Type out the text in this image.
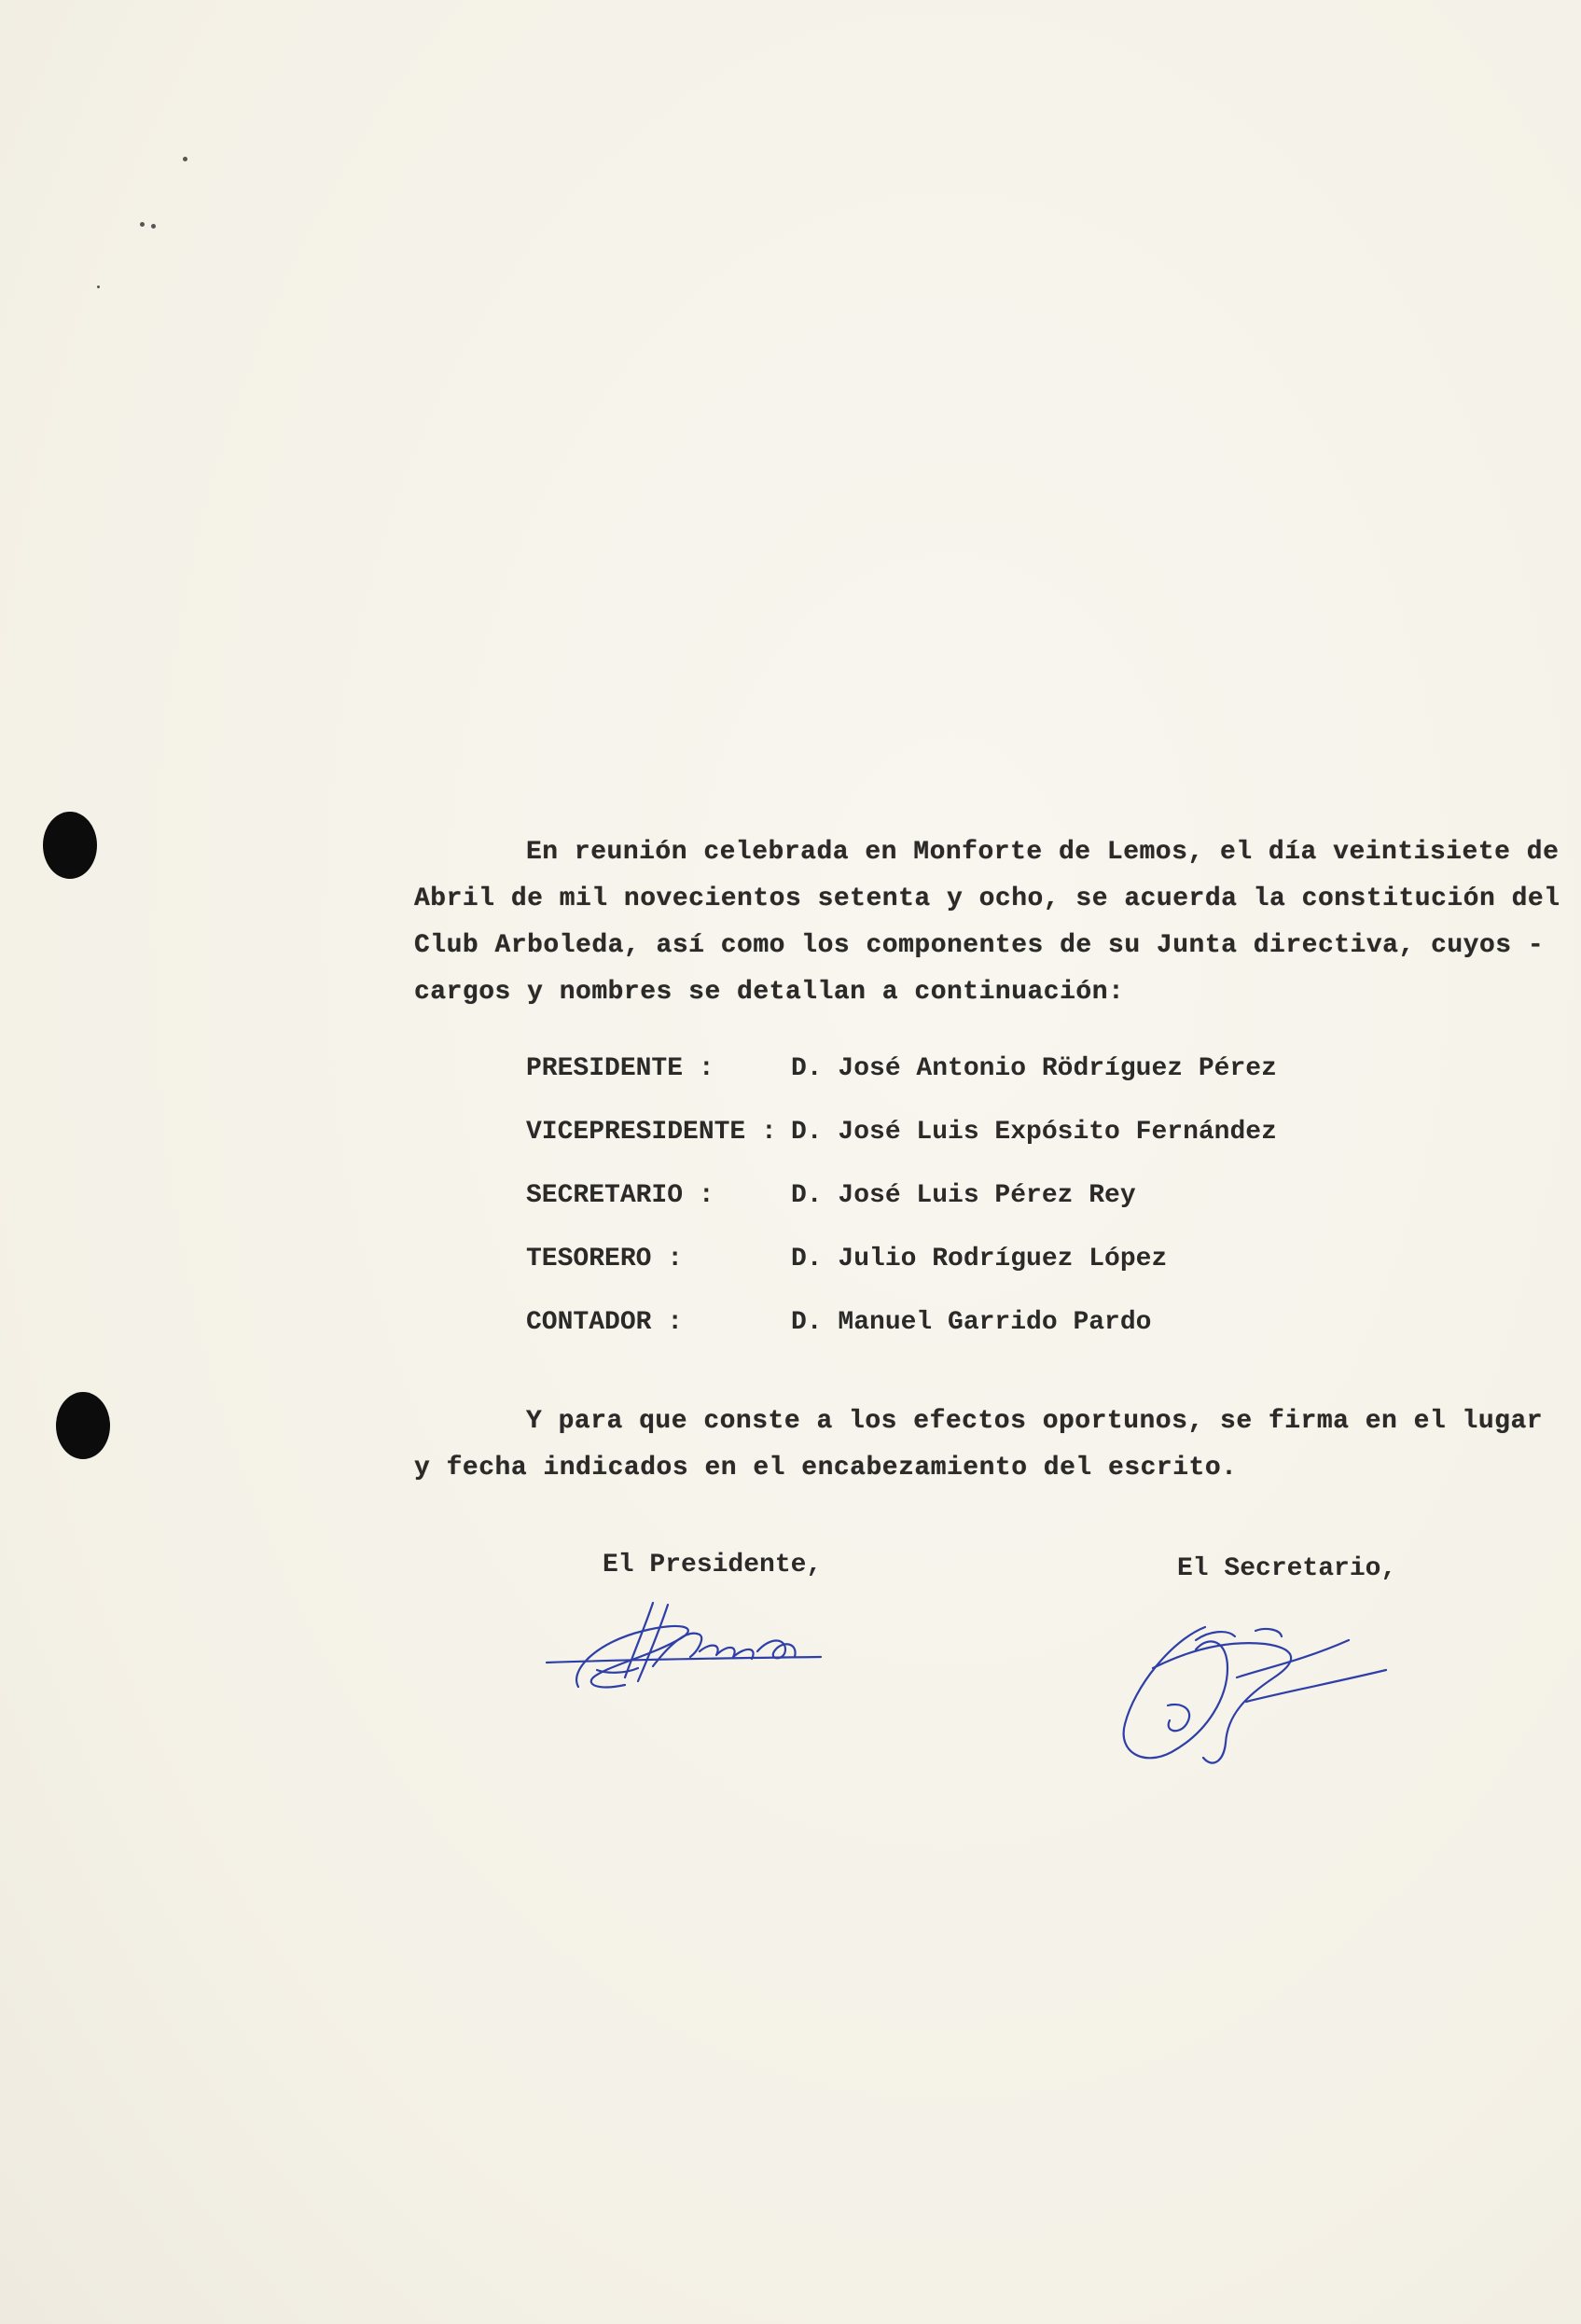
En reunión celebrada en Monforte de Lemos, el día veintisiete de
Abril de mil novecientos setenta y ocho, se acuerda la constitución del
Club Arboleda, así como los componentes de su Junta directiva, cuyos -
cargos y nombres se detallan a continuación:
PRESIDENTE :	D. José Antonio Rödríguez Pérez
VICEPRESIDENTE : D. José Luis Expósito Fernández
SECRETARIO :	D. José Luis Pérez Rey
TESORERO :	D. Julio Rodríguez López
CONTADOR :	D. Manuel Garrido Pardo
Y para que conste a los efectos oportunos, se firma en el lugar
y fecha indicados en el encabezamiento del escrito.
El Presidente,	El Secretario,
